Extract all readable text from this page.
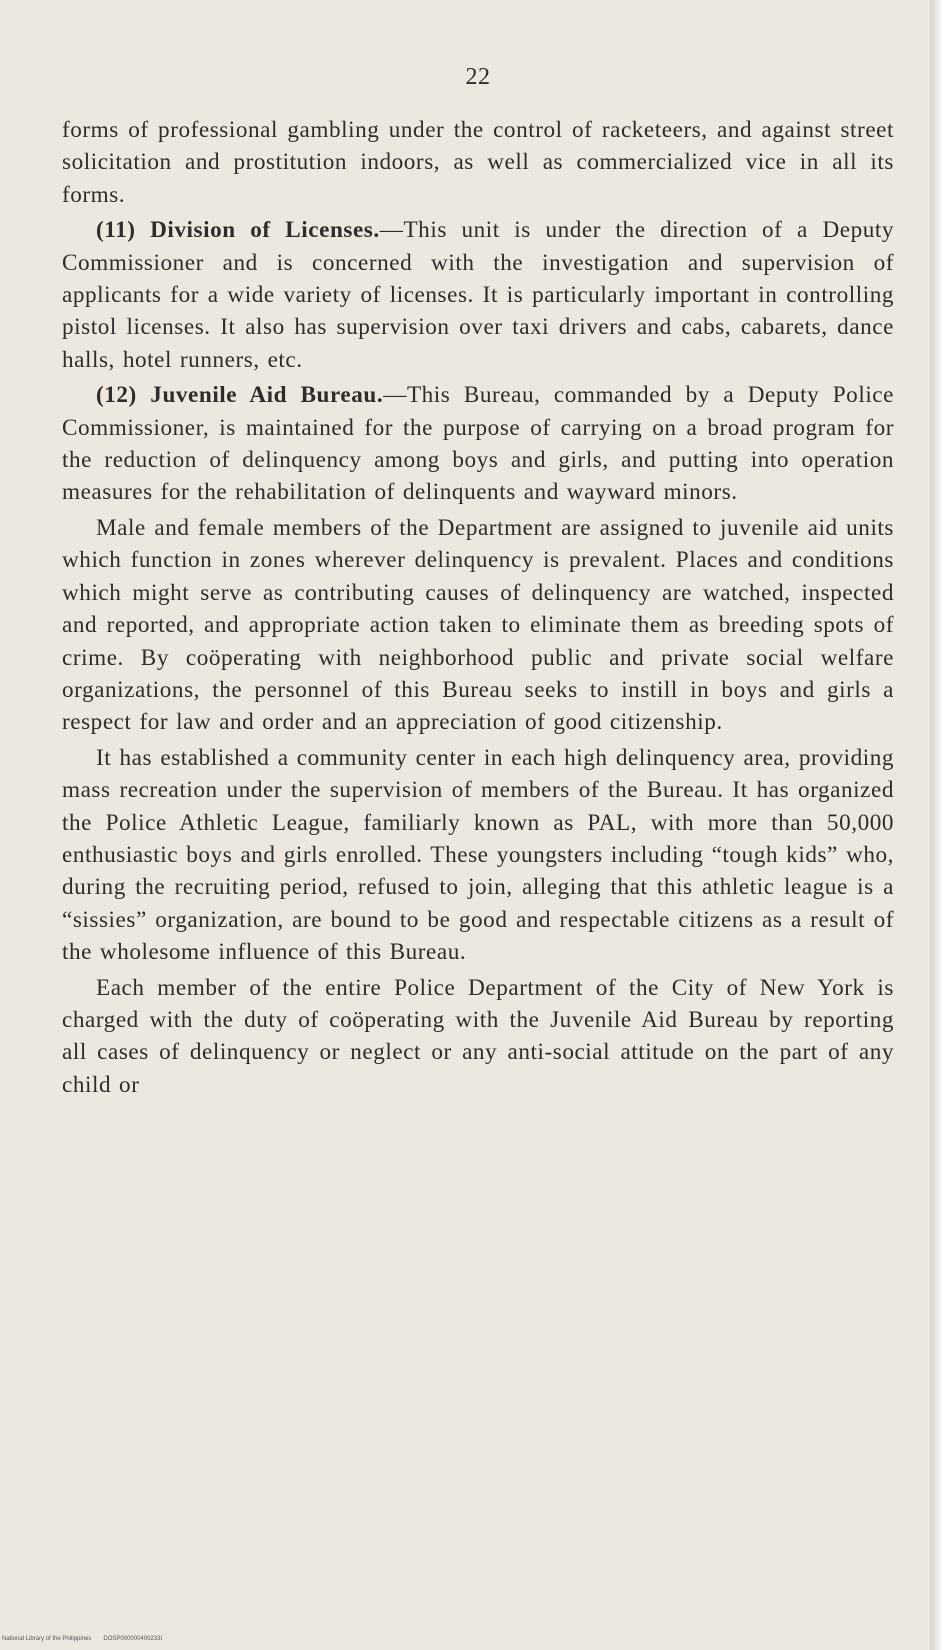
22

forms of professional gambling under the control of racketeers, and against street solicitation and prostitution indoors, as well as commercialized vice in all its forms.

(11) Division of Licenses.—This unit is under the direction of a Deputy Commissioner and is concerned with the investigation and supervision of applicants for a wide variety of licenses. It is particularly important in controlling pistol licenses. It also has supervision over taxi drivers and cabs, cabarets, dance halls, hotel runners, etc.

(12) Juvenile Aid Bureau.—This Bureau, commanded by a Deputy Police Commissioner, is maintained for the purpose of carrying on a broad program for the reduction of delinquency among boys and girls, and putting into operation measures for the rehabilitation of delinquents and wayward minors.

Male and female members of the Department are assigned to juvenile aid units which function in zones wherever delinquency is prevalent. Places and conditions which might serve as contributing causes of delinquency are watched, inspected and reported, and appropriate action taken to eliminate them as breeding spots of crime. By coöperating with neighborhood public and private social welfare organizations, the personnel of this Bureau seeks to instill in boys and girls a respect for law and order and an appreciation of good citizenship.

It has established a community center in each high delinquency area, providing mass recreation under the supervision of members of the Bureau. It has organized the Police Athletic League, familiarly known as PAL, with more than 50,000 enthusiastic boys and girls enrolled. These youngsters including “tough kids” who, during the recruiting period, refused to join, alleging that this athletic league is a “sissies” organization, are bound to be good and respectable citizens as a result of the wholesome influence of this Bureau.

Each member of the entire Police Department of the City of New York is charged with the duty of coöperating with the Juvenile Aid Bureau by reporting all cases of delinquency or neglect or any anti-social attitude on the part of any child or

National Library of the Philippines DOSP000000400233I
